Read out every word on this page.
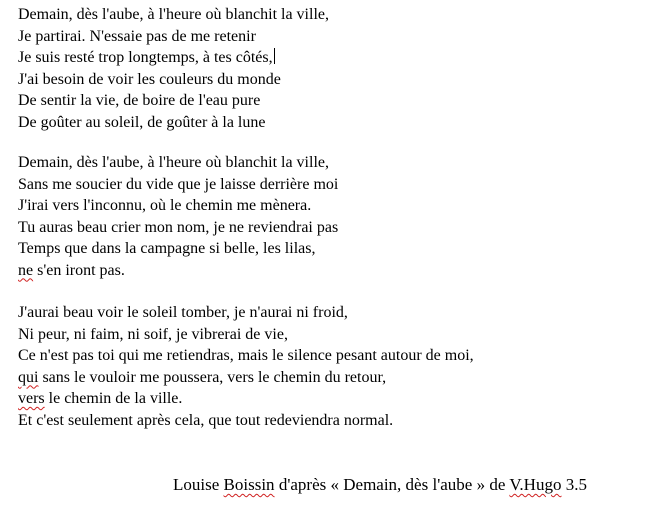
Demain, dès l'aube, à l'heure où blanchit la ville,
Je partirai. N'essaie pas de me retenir
Je suis resté trop longtemps, à tes côtés,
J'ai besoin de voir les couleurs du monde
De sentir la vie, de boire de l'eau pure
De goûter au soleil, de goûter à la lune
Demain, dès l'aube, à l'heure où blanchit la ville,
Sans me soucier du vide que je laisse derrière moi
J'irai vers l'inconnu, où le chemin me mènera.
Tu auras beau crier mon nom, je ne reviendrai pas
Temps que dans la campagne si belle, les lilas,
ne s'en iront pas.
J'aurai beau voir le soleil tomber, je n'aurai ni froid,
Ni peur, ni faim, ni soif, je vibrerai de vie,
Ce n'est pas toi qui me retiendras, mais le silence pesant autour de moi,
qui sans le vouloir me poussera, vers le chemin du retour,
vers le chemin de la ville.
Et c'est seulement après cela, que tout redeviendra normal.
Louise Boissin d'après « Demain, dès l'aube » de V.Hugo 3.5
